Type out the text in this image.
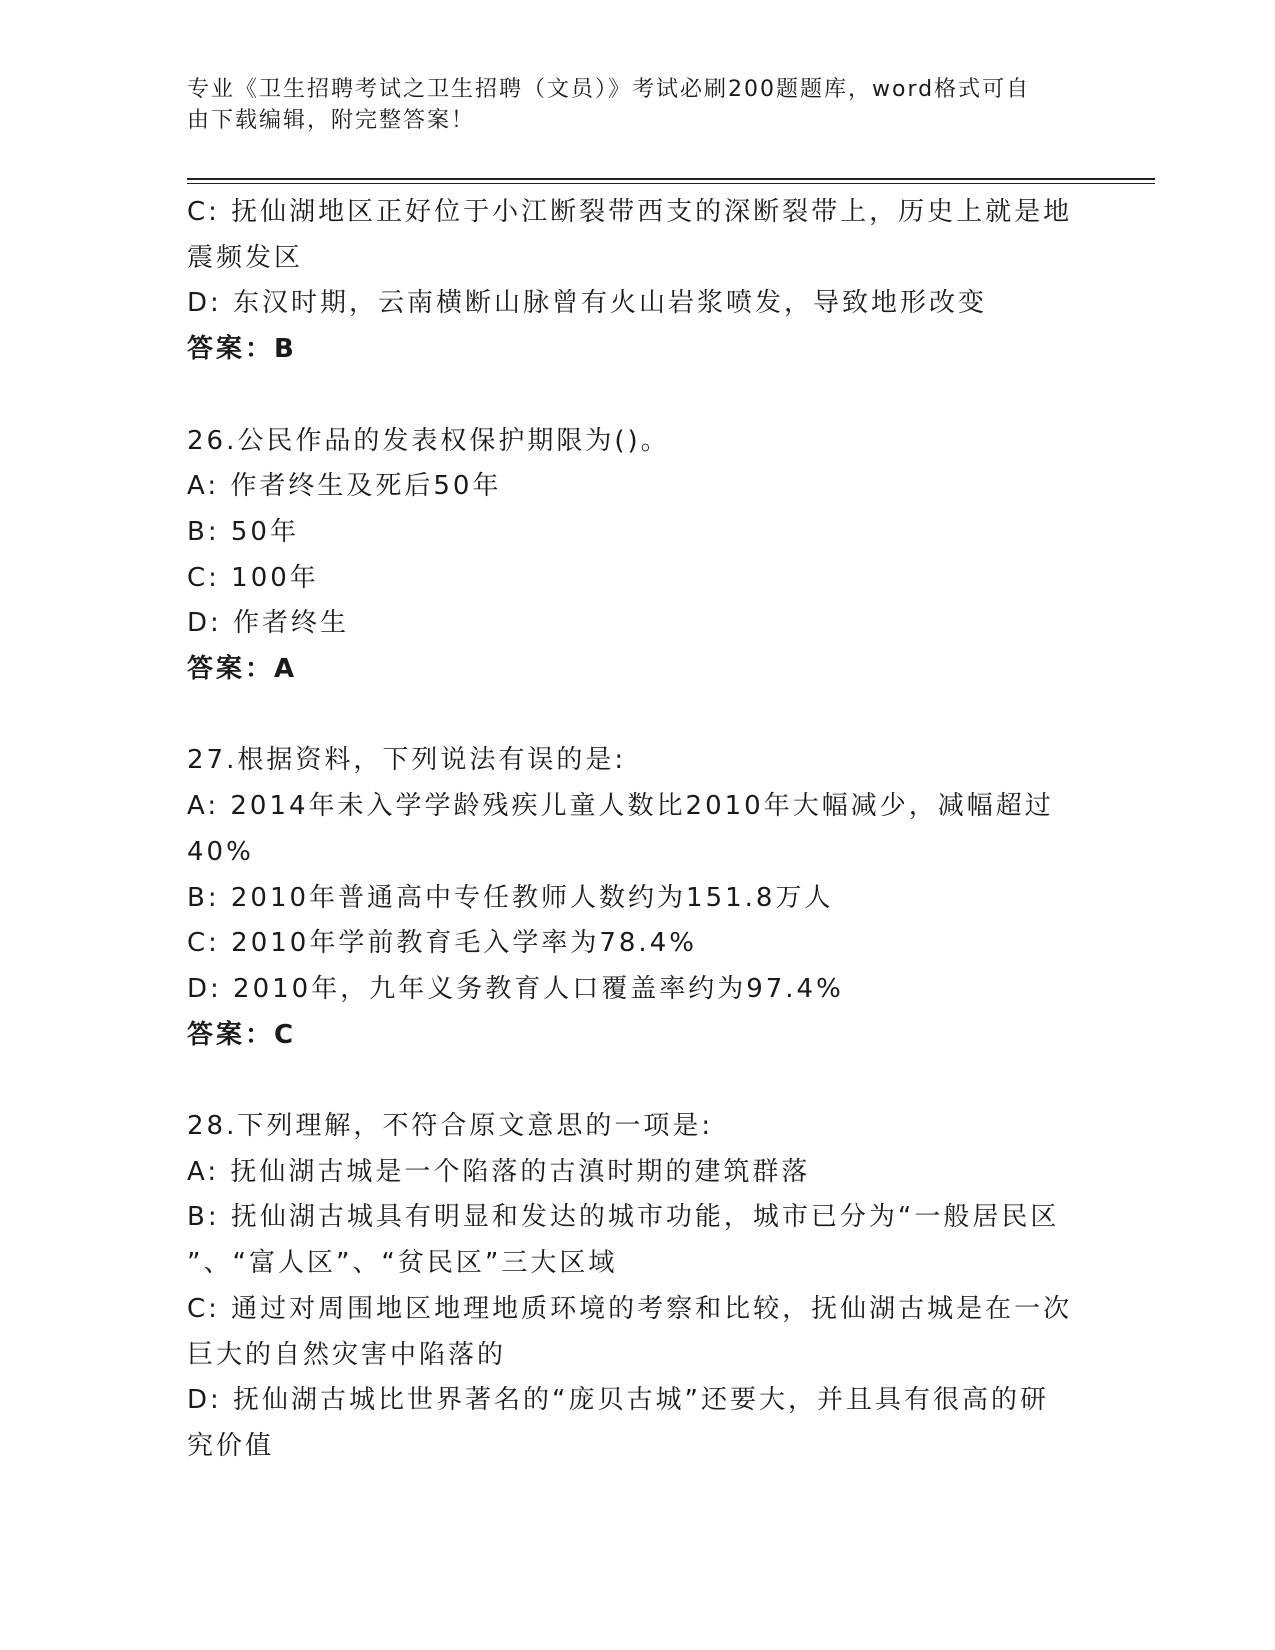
专业《卫生招聘考试之卫生招聘（文员）》考试必刷200题题库，word格式可自
由下载编辑，附完整答案！
C: 抚仙湖地区正好位于小江断裂带西支的深断裂带上，历史上就是地
震频发区
D: 东汉时期，云南横断山脉曾有火山岩浆喷发，导致地形改变
答案：B
26.公民作品的发表权保护期限为()。
A: 作者终生及死后50年
B: 50年
C: 100年
D: 作者终生
答案：A
27.根据资料，下列说法有误的是:
A: 2014年未入学学龄残疾儿童人数比2010年大幅减少，减幅超过
40%
B: 2010年普通高中专任教师人数约为151.8万人
C: 2010年学前教育毛入学率为78.4%
D: 2010年，九年义务教育人口覆盖率约为97.4%
答案：C
28.下列理解，不符合原文意思的一项是:
A: 抚仙湖古城是一个陷落的古滇时期的建筑群落
B: 抚仙湖古城具有明显和发达的城市功能，城市已分为“一般居民区
”、“富人区”、“贫民区”三大区域
C: 通过对周围地区地理地质环境的考察和比较，抚仙湖古城是在一次
巨大的自然灾害中陷落的
D: 抚仙湖古城比世界著名的“庞贝古城”还要大，并且具有很高的研
究价值
